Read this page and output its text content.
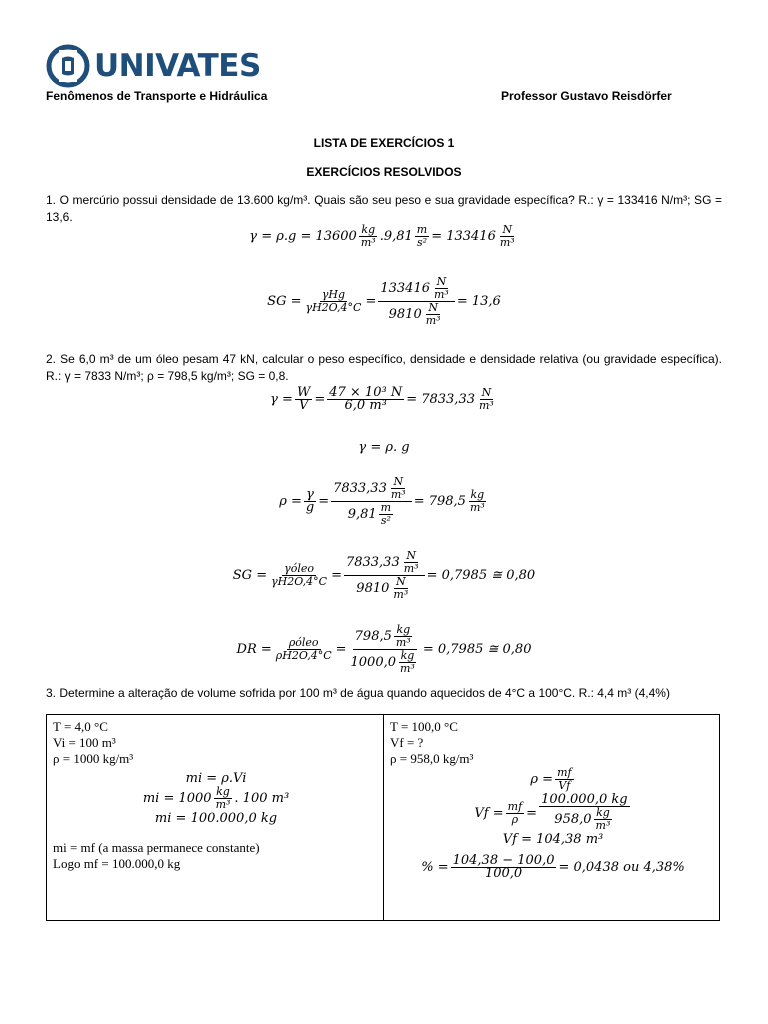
UNIVATES
Fenômenos de Transporte e Hidráulica	Professor Gustavo Reisdörfer
LISTA DE EXERCÍCIOS 1
EXERCÍCIOS RESOLVIDOS
1. O mercúrio possui densidade de 13.600 kg/m³. Quais são seu peso e sua gravidade específica? R.: γ = 133416 N/m³; SG = 13,6.
$\gamma = \rho.g = 13600 \frac{kg}{\text{m³}} .9,81 \frac{m}{\text{s²}} = 133416 \frac{N}{\text{m³}}$
SG = $\frac{\text{γHg}}{\gamma H2O,4^\circ C} = \frac{133416 \frac{N}{\text{m³}}}{9810 \frac{N}{\text{m³}}} = 13,6$
2. Se 6,0 m³ de um óleo pesam 47 kN, calcular o peso específico, densidade e densidade relativa (ou gravidade específica). R.: γ = 7833 N/m³; ρ = 798,5 kg/m³; SG = 0,8.
$\gamma = \frac{W}{V} = \frac{\text{47 × 10³ N}}{\text{6,0 m³}} = 7833,33 \frac{N}{\text{m³}}$
γ = ρ. g
$\rho = \frac{\gamma}{g} = \frac{7833,33 \frac{N}{\text{m³}}}{9,81 \frac{m}{\text{s²}}} = 798,5 \frac{kg}{\text{m³}}$
SG = $\frac{\text{γóleo}}{\gamma H2O,4^\circ C} = \frac{7833,33 \frac{N}{\text{m³}}}{9810 \frac{N}{\text{m³}}} = 0,7985$ ≅ 0,80
DR = $\frac{\text{ρóleo}}{\rho H2O,4^\circ C} = \frac{798,5 \frac{kg}{\text{m³}}}{1000,0 \frac{kg}{\text{m³}}} = 0,7985$ ≅ 0,80
3. Determine a alteração de volume sofrida por 100 m³ de água quando aquecidos de 4°C a 100°C. R.: 4,4 m³ (4,4%)
T = 4,0 °C
Vi = 100 m³
ρ = 1000 kg/m³
mi = ρ.Vi
mi = $1000 \frac{kg}{\text{m³}}$ . 100 m³
mi = 100.000,0 kg
mi = mf (a massa permanece constante)
Logo mf = 100.000,0 kg
T = 100,0 °C
Vf = ?
ρ = 958,0 kg/m³
$\rho = \frac{mf}{Vf}$
$Vf = \frac{mf}{\rho} = \frac{100.000,0 kg}{958,0 \frac{kg}{\text{m³}}}$
Vf = 104,38 m³
% = $\frac{104,38 - 100,0}{100,0} = 0,0438$ ou 4,38%
